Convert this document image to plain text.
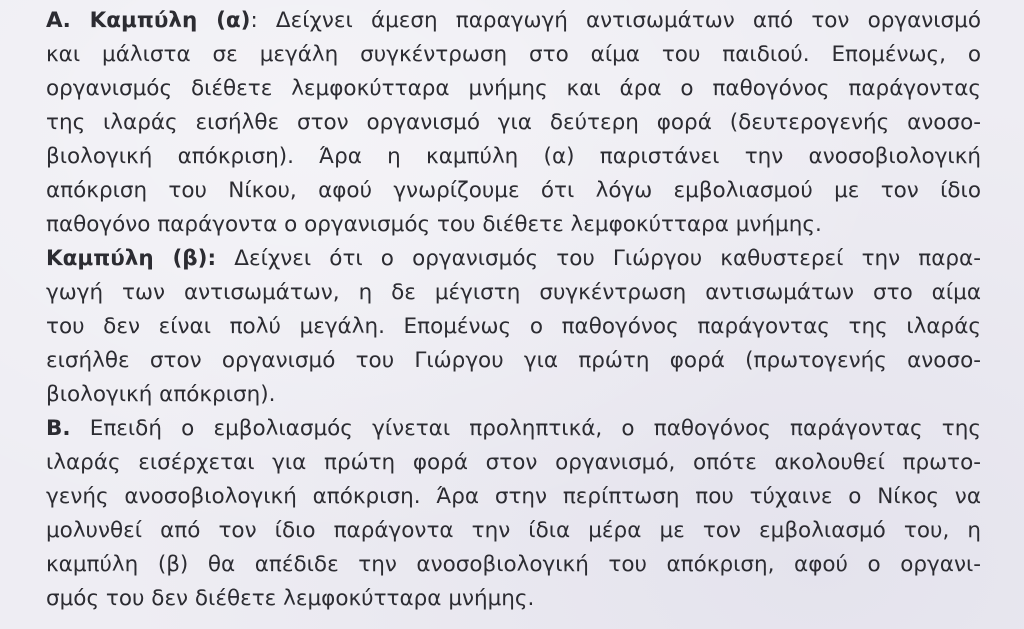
Α. Καμπύλη (α): Δείχνει άμεση παραγωγή αντισωμάτων από τον οργανισμό
και μάλιστα σε μεγάλη συγκέντρωση στο αίμα του παιδιού. Επομένως, ο
οργανισμός διέθετε λεμφοκύτταρα μνήμης και άρα ο παθογόνος παράγοντας
της ιλαράς εισήλθε στον οργανισμό για δεύτερη φορά (δευτερογενής ανοσο-
βιολογική απόκριση). Άρα η καμπύλη (α) παριστάνει την ανοσοβιολογική
απόκριση του Νίκου, αφού γνωρίζουμε ότι λόγω εμβολιασμού με τον ίδιο
παθογόνο παράγοντα ο οργανισμός του διέθετε λεμφοκύτταρα μνήμης.
Καμπύλη (β): Δείχνει ότι ο οργανισμός του Γιώργου καθυστερεί την παρα-
γωγή των αντισωμάτων, η δε μέγιστη συγκέντρωση αντισωμάτων στο αίμα
του δεν είναι πολύ μεγάλη. Επομένως ο παθογόνος παράγοντας της ιλαράς
εισήλθε στον οργανισμό του Γιώργου για πρώτη φορά (πρωτογενής ανοσο-
βιολογική απόκριση).
Β. Επειδή ο εμβολιασμός γίνεται προληπτικά, ο παθογόνος παράγοντας της
ιλαράς εισέρχεται για πρώτη φορά στον οργανισμό, οπότε ακολουθεί πρωτο-
γενής ανοσοβιολογική απόκριση. Άρα στην περίπτωση που τύχαινε ο Νίκος να
μολυνθεί από τον ίδιο παράγοντα την ίδια μέρα με τον εμβολιασμό του, η
καμπύλη (β) θα απέδιδε την ανοσοβιολογική του απόκριση, αφού ο οργανι-
σμός του δεν διέθετε λεμφοκύτταρα μνήμης.
